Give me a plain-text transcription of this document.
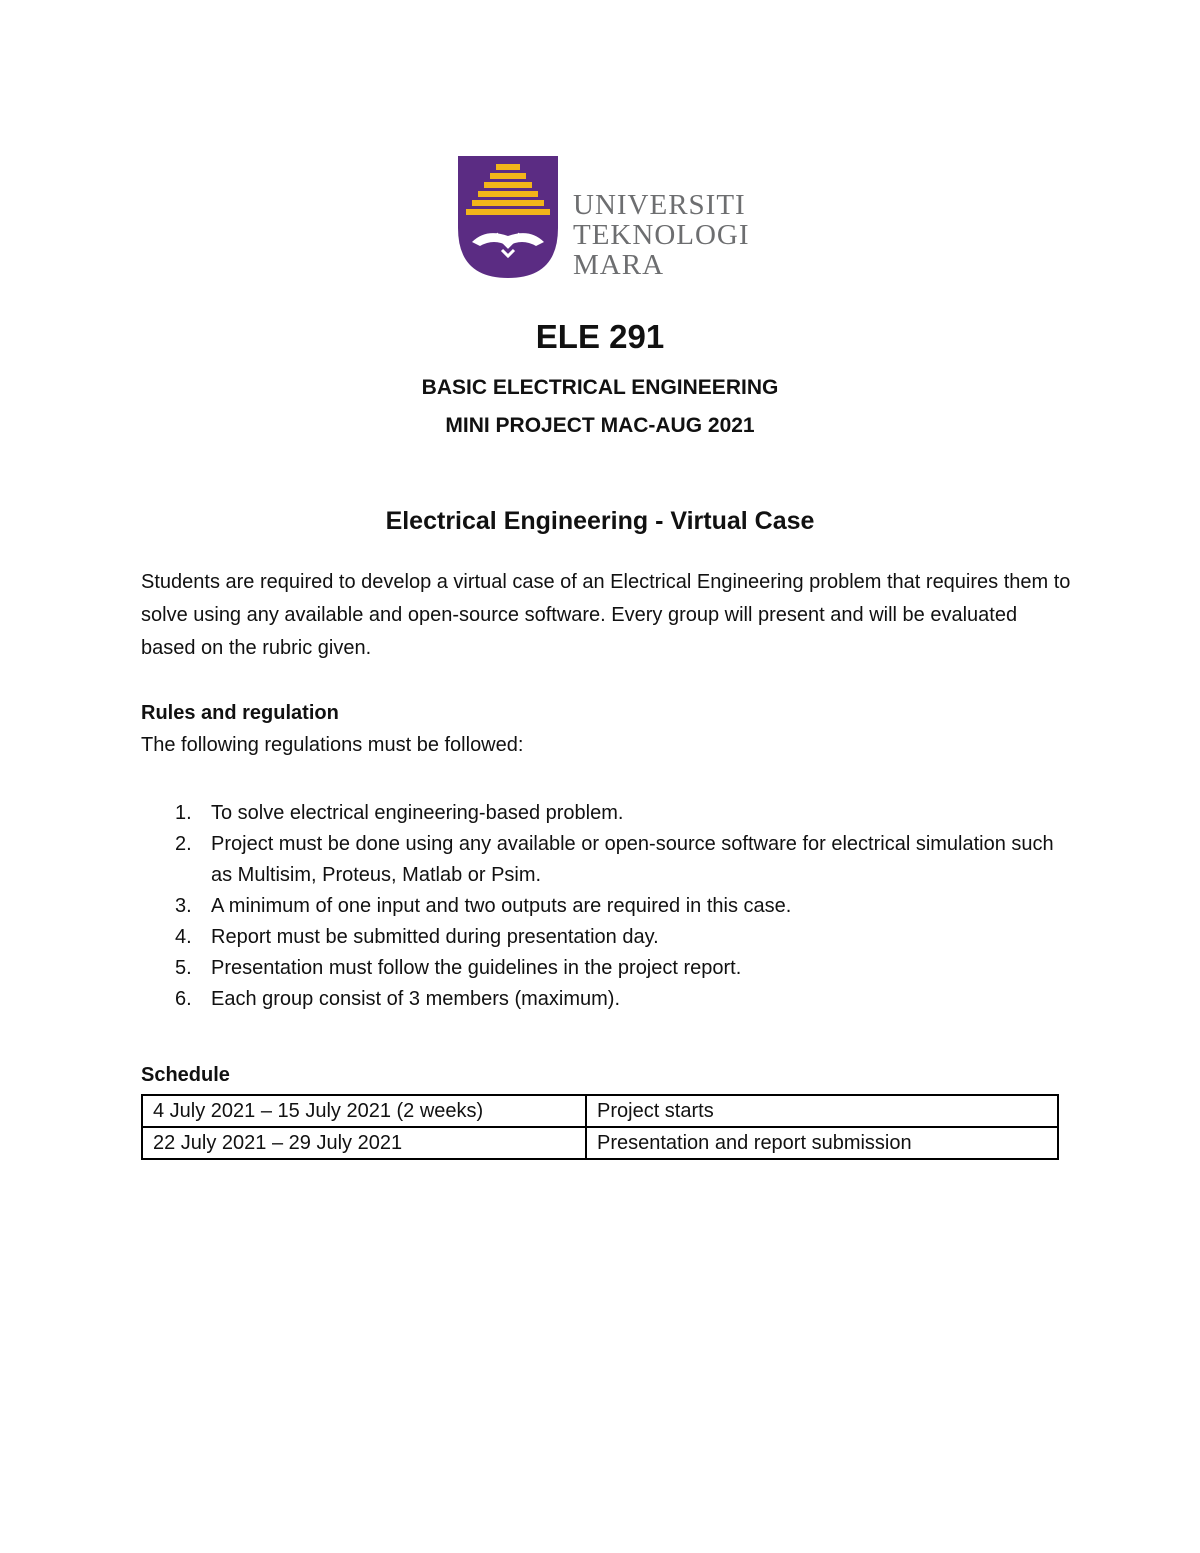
UNIVERSITI
TEKNOLOGI
MARA
ELE 291
BASIC ELECTRICAL ENGINEERING
MINI PROJECT MAC-AUG 2021
Electrical Engineering - Virtual Case

Students are required to develop a virtual case of an Electrical Engineering problem that requires them to solve using any available and open-source software. Every group will present and will be evaluated based on the rubric given.

Rules and regulation
The following regulations must be followed:
1. To solve electrical engineering-based problem.
2. Project must be done using any available or open-source software for electrical simulation such as Multisim, Proteus, Matlab or Psim.
3. A minimum of one input and two outputs are required in this case.
4. Report must be submitted during presentation day.
5. Presentation must follow the guidelines in the project report.
6. Each group consist of 3 members (maximum).
Schedule
4 July 2021 – 15 July 2021 (2 weeks)	Project starts
22 July 2021 – 29 July 2021	Presentation and report submission
